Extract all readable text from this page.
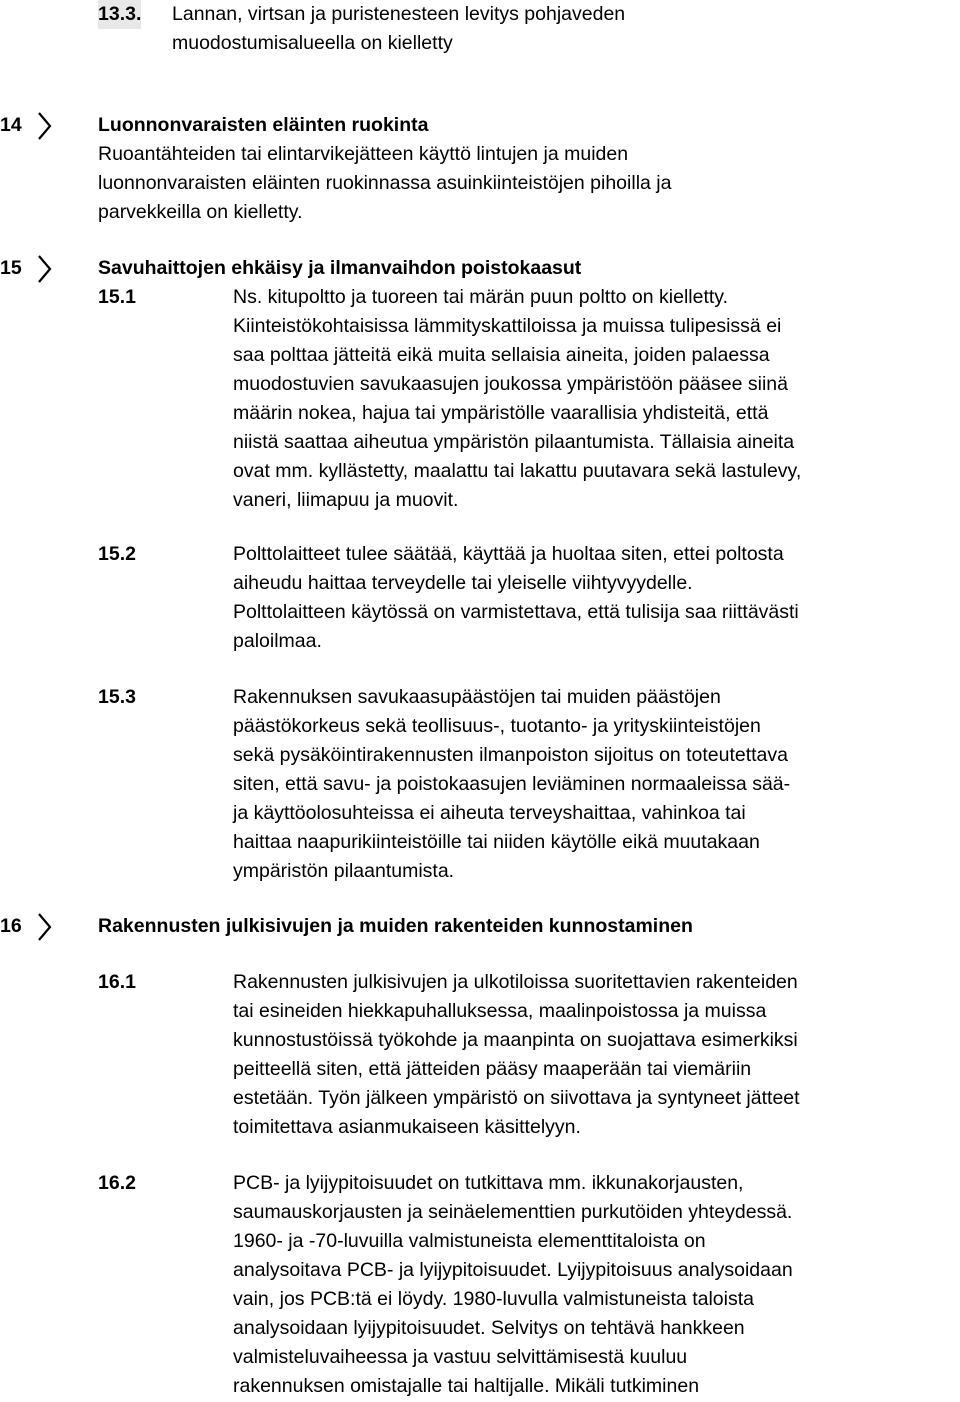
13.3. Lannan, virtsan ja puristenesteen levitys pohjaveden
muodostumisalueella on kielletty
14	Luonnonvaraisten eläinten ruokinta
Ruoantähteiden tai elintarvikejätteen käyttö lintujen ja muiden
luonnonvaraisten eläinten ruokinnassa asuinkiinteistöjen pihoilla ja
parvekkeilla on kielletty.
15	Savuhaittojen ehkäisy ja ilmanvaihdon poistokaasut
15.1	Ns. kitupoltto ja tuoreen tai märän puun poltto on kielletty.
Kiinteistökohtaisissa lämmityskattiloissa ja muissa tulipesissä ei
saa polttaa jätteitä eikä muita sellaisia aineita, joiden palaessa
muodostuvien savukaasujen joukossa ympäristöön pääsee siinä
määrin nokea, hajua tai ympäristölle vaarallisia yhdisteitä, että
niistä saattaa aiheutua ympäristön pilaantumista. Tällaisia aineita
ovat mm. kyllästetty, maalattu tai lakattu puutavara sekä lastulevy,
vaneri, liimapuu ja muovit.
15.2	Polttolaitteet tulee säätää, käyttää ja huoltaa siten, ettei poltosta
aiheudu haittaa terveydelle tai yleiselle viihtyvyydelle.
Polttolaitteen käytössä on varmistettava, että tulisija saa riittävästi
paloilmaa.
15.3	Rakennuksen savukaasupäästöjen tai muiden päästöjen
päästökorkeus sekä teollisuus-, tuotanto- ja yrityskiinteistöjen
sekä pysäköintirakennusten ilmanpoiston sijoitus on toteutettava
siten, että savu- ja poistokaasujen leviäminen normaaleissa sää-
ja käyttöolosuhteissa ei aiheuta terveyshaittaa, vahinkoa tai
haittaa naapurikiinteistöille tai niiden käytölle eikä muutakaan
ympäristön pilaantumista.
16	Rakennusten julkisivujen ja muiden rakenteiden kunnostaminen
16.1	Rakennusten julkisivujen ja ulkotiloissa suoritettavien rakenteiden
tai esineiden hiekkapuhalluksessa, maalinpoistossa ja muissa
kunnostustöissä työkohde ja maanpinta on suojattava esimerkiksi
peitteellä siten, että jätteiden pääsy maaperään tai viemäriin
estetään. Työn jälkeen ympäristö on siivottava ja syntyneet jätteet
toimitettava asianmukaiseen käsittelyyn.
16.2	PCB- ja lyijypitoisuudet on tutkittava mm. ikkunakorjausten,
saumauskorjausten ja seinäelementtien purkutöiden yhteydessä.
1960- ja -70-luvuilla valmistuneista elementtitaloista on
analysoitava PCB- ja lyijypitoisuudet. Lyijypitoisuus analysoidaan
vain, jos PCB:tä ei löydy. 1980-luvulla valmistuneista taloista
analysoidaan lyijypitoisuudet. Selvitys on tehtävä hankkeen
valmisteluvaiheessa ja vastuu selvittämisestä kuuluu
rakennuksen omistajalle tai haltijalle. Mikäli tutkiminen
